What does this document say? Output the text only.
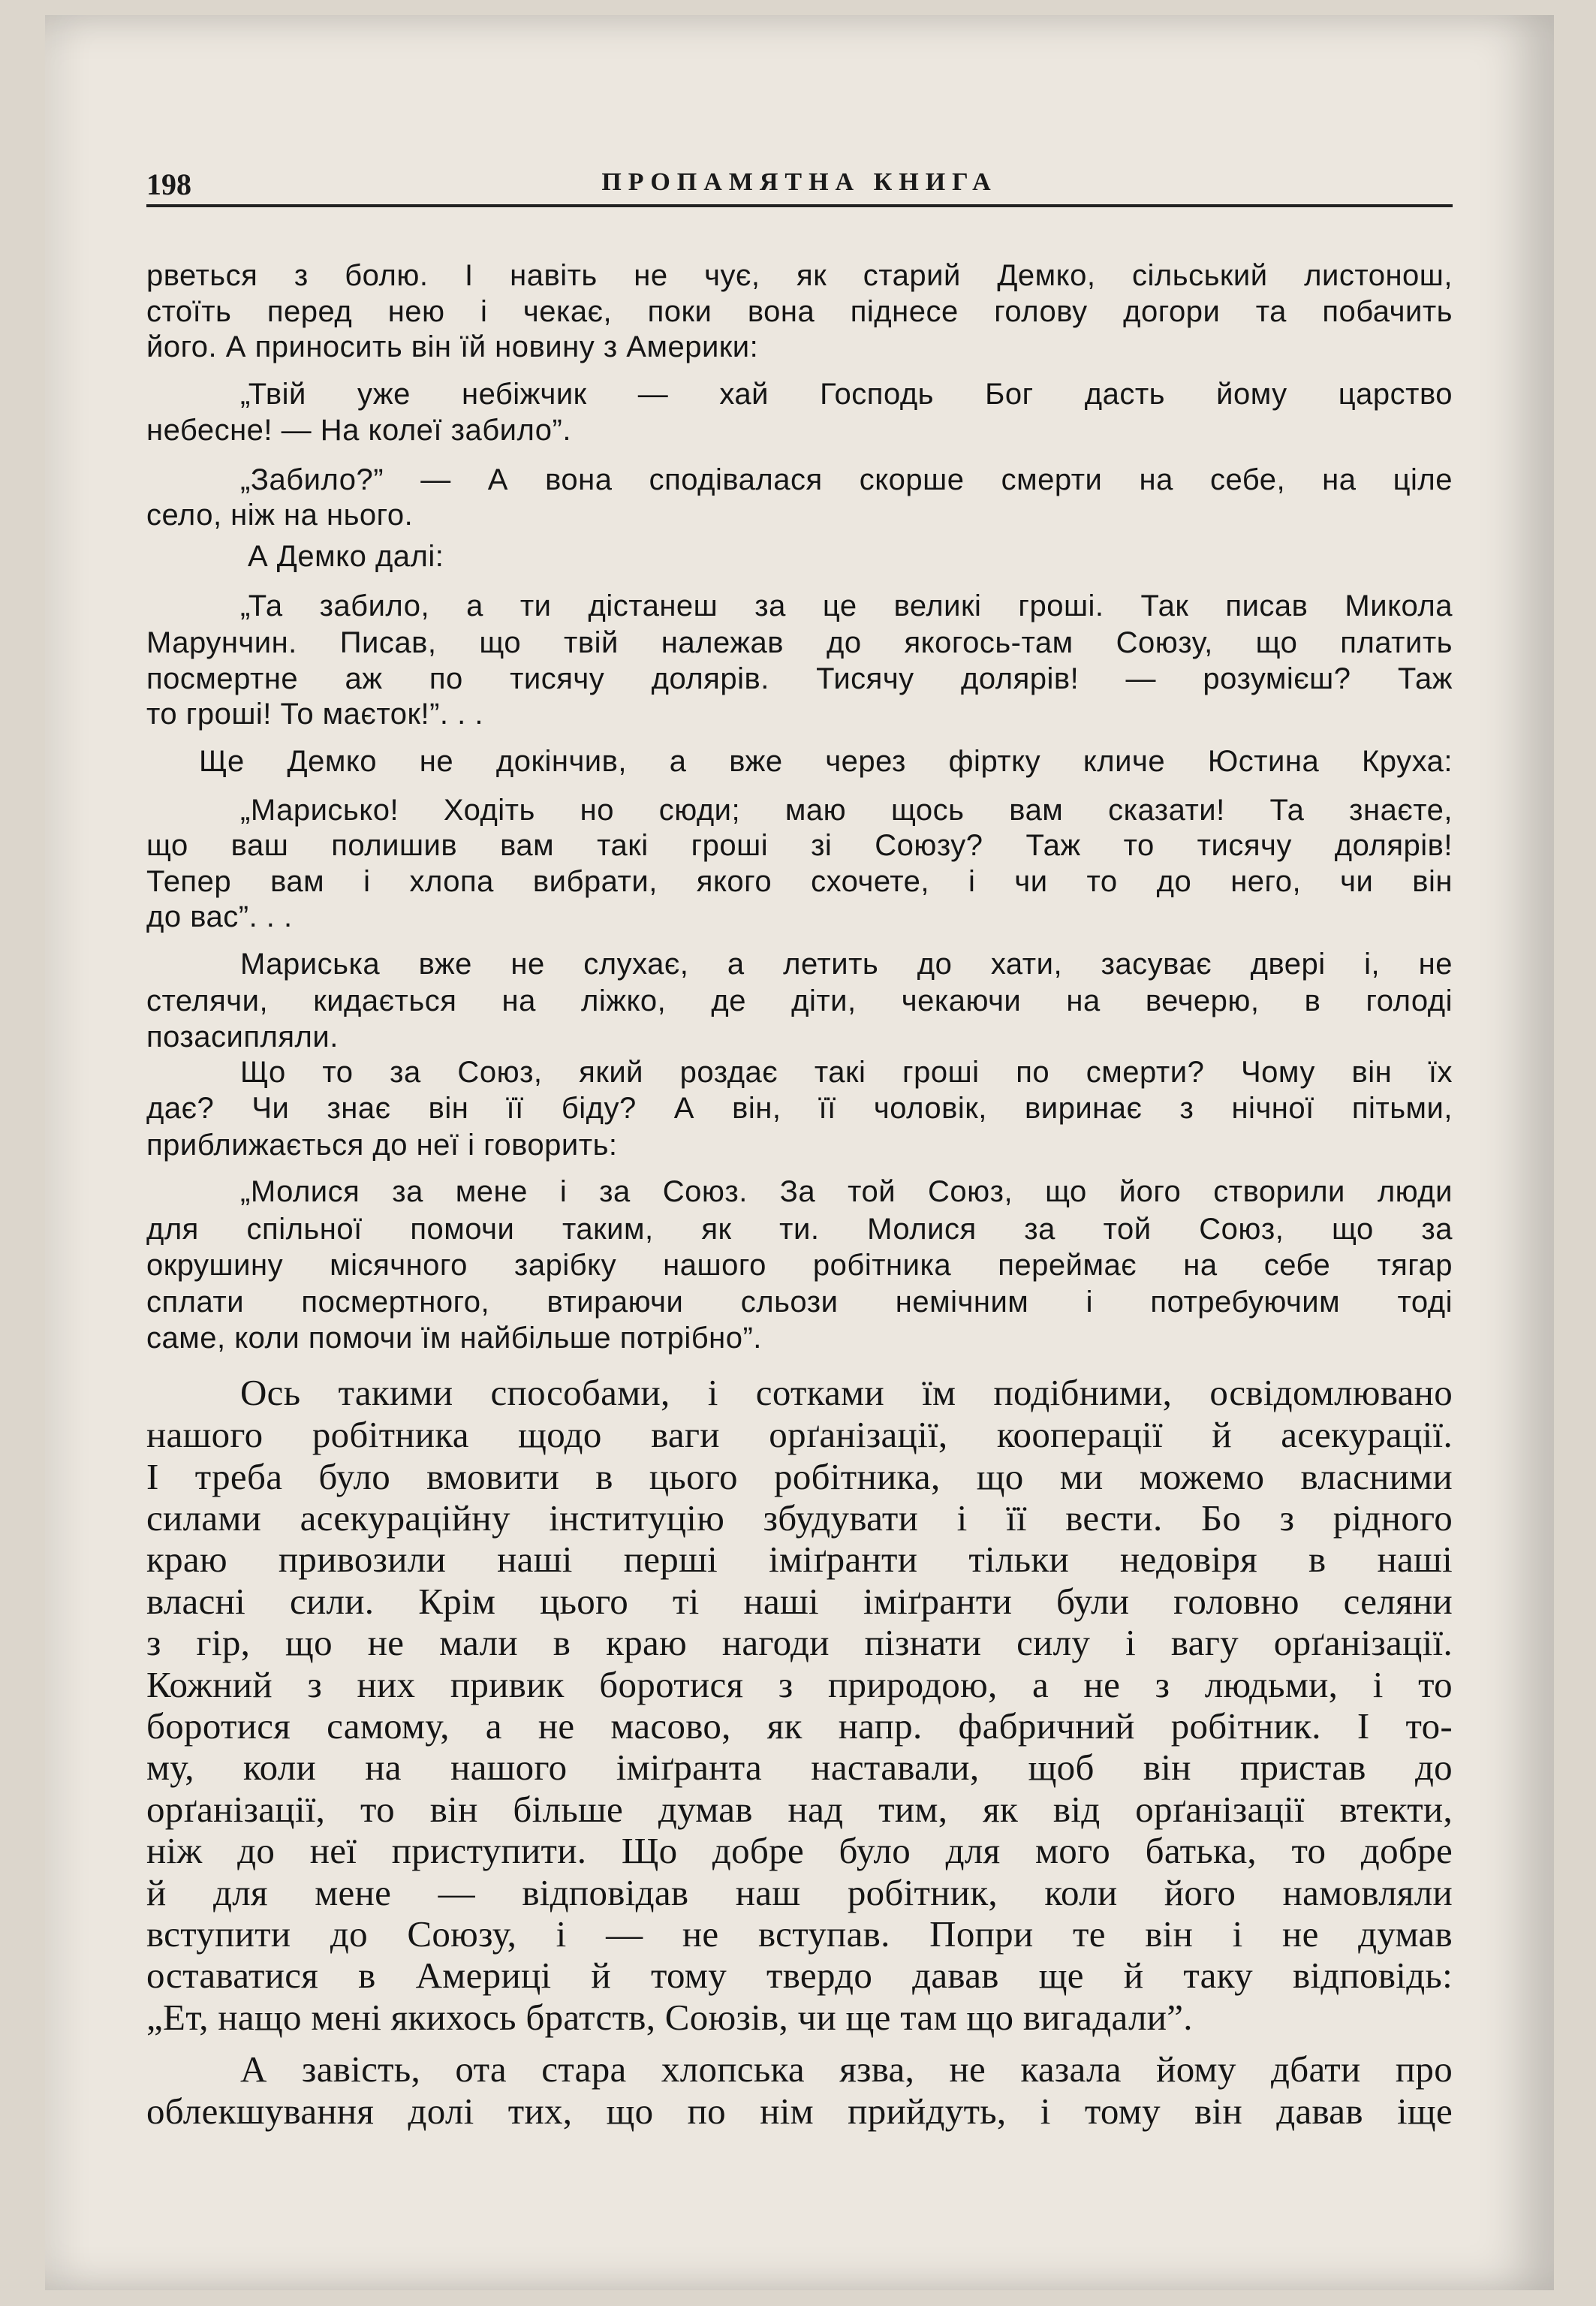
198	ПРОПАМЯТНА КНИГА
рветься з болю. І навіть не чує, як старий Демко, сільський листонош,
стоїть перед нею і чекає, поки вона піднесе голову догори та побачить
його. А приносить він їй новину з Америки:
„Твій уже небіжчик — хай Господь Бог дасть йому царство
небесне! — На колеї забило”.
„Забило?” — А вона сподівалася скорше смерти на себе, на ціле
село, ніж на нього.
А Демко далі:
„Та забило, а ти дістанеш за це великі гроші. Так писав Микола
Марунчин. Писав, що твій належав до якогось-там Союзу, що платить
посмертне аж по тисячу долярів. Тисячу долярів! — розумієш? Таж
то гроші! То маєток!”. . .
Ще Демко не докінчив, а вже через фіртку кличе Юстина Круха:
„Марисько! Ходіть но сюди; маю щось вам сказати! Та знаєте,
що ваш полишив вам такі гроші зі Союзу? Таж то тисячу долярів!
Тепер вам і хлопа вибрати, якого схочете, і чи то до него, чи він
до вас”. . .
Мариська вже не слухає, а летить до хати, засуває двері і, не
стелячи, кидається на ліжко, де діти, чекаючи на вечерю, в голоді
позасипляли.
Що то за Союз, який роздає такі гроші по смерти? Чому він їх
дає? Чи знає він її біду? А він, її чоловік, виринає з нічної пітьми,
приближається до неї і говорить:
„Молися за мене і за Союз. За той Союз, що його створили люди
для спільної помочи таким, як ти. Молися за той Союз, що за
окрушину місячного зарібку нашого робітника переймає на себе тягар
сплати посмертного, втираючи сльози немічним і потребуючим тоді
саме, коли помочи їм найбільше потрібно”.
Ось такими способами, і сотками їм подібними, освідомлювано
нашого робітника щодо ваги орґанізації, кооперації й асекурації.
І треба було вмовити в цього робітника, що ми можемо власними
силами асекураційну інституцію збудувати і її вести. Бо з рідного
краю привозили наші перші іміґранти тільки недовіря в наші
власні сили. Крім цього ті наші іміґранти були головно селяни
з гір, що не мали в краю нагоди пізнати силу і вагу орґанізації.
Кожний з них привик боротися з природою, а не з людьми, і то
боротися самому, а не масово, як напр. фабричний робітник. І то-
му, коли на нашого іміґранта наставали, щоб він пристав до
орґанізації, то він більше думав над тим, як від орґанізації втекти,
ніж до неї приступити. Що добре було для мого батька, то добре
й для мене — відповідав наш робітник, коли його намовляли
вступити до Союзу, і — не вступав. Попри те він і не думав
оставатися в Америці й тому твердо давав ще й таку відповідь:
„Ет, нащо мені якихось братств, Союзів, чи ще там що вигадали”.
А завість, ота стара хлопська язва, не казала йому дбати про
облекшування долі тих, що по нім прийдуть, і тому він давав іще
